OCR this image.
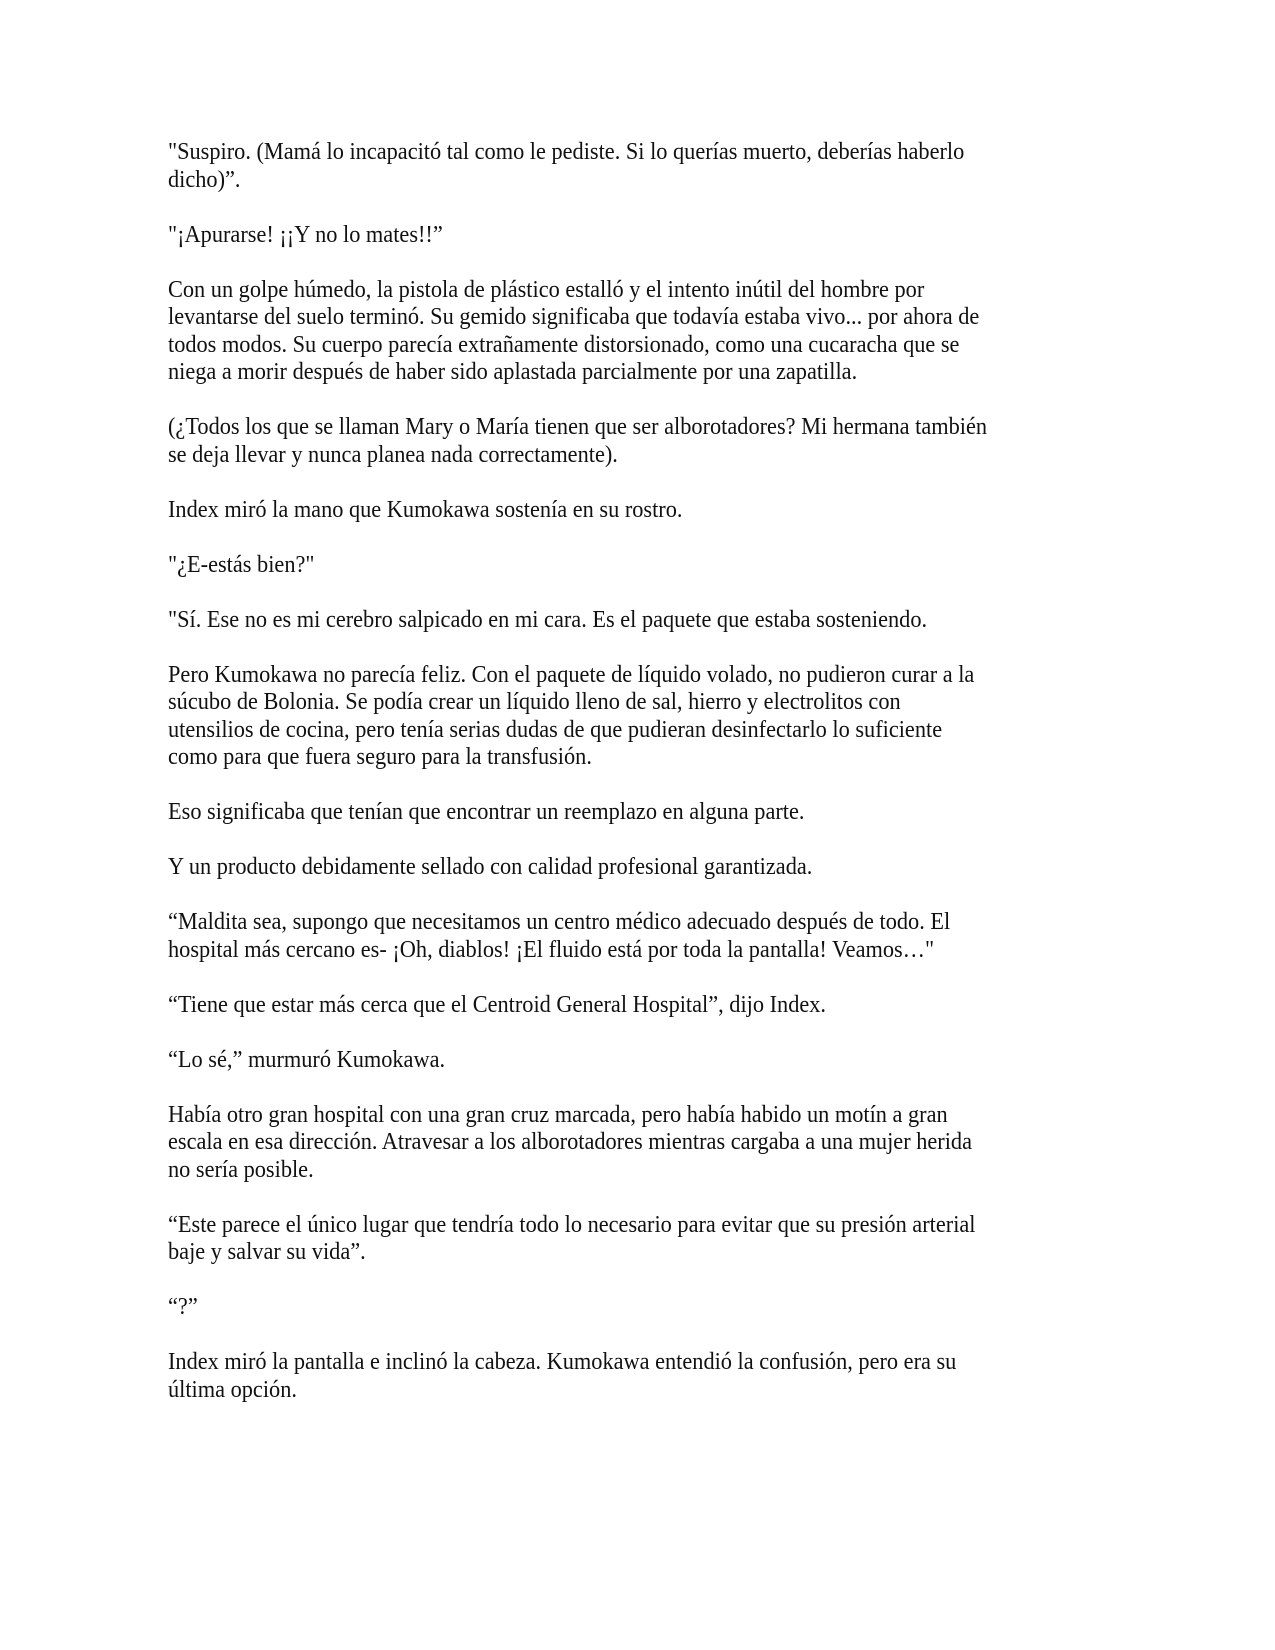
"Suspiro. (Mamá lo incapacitó tal como le pediste. Si lo querías muerto, deberías haberlo
dicho)”.
"¡Apurarse! ¡¡Y no lo mates!!”
Con un golpe húmedo, la pistola de plástico estalló y el intento inútil del hombre por
levantarse del suelo terminó. Su gemido significaba que todavía estaba vivo... por ahora de
todos modos. Su cuerpo parecía extrañamente distorsionado, como una cucaracha que se
niega a morir después de haber sido aplastada parcialmente por una zapatilla.
(¿Todos los que se llaman Mary o María tienen que ser alborotadores? Mi hermana también
se deja llevar y nunca planea nada correctamente).
Index miró la mano que Kumokawa sostenía en su rostro.
"¿E-estás bien?"
"Sí. Ese no es mi cerebro salpicado en mi cara. Es el paquete que estaba sosteniendo.
Pero Kumokawa no parecía feliz. Con el paquete de líquido volado, no pudieron curar a la
súcubo de Bolonia. Se podía crear un líquido lleno de sal, hierro y electrolitos con
utensilios de cocina, pero tenía serias dudas de que pudieran desinfectarlo lo suficiente
como para que fuera seguro para la transfusión.
Eso significaba que tenían que encontrar un reemplazo en alguna parte.
Y un producto debidamente sellado con calidad profesional garantizada.
“Maldita sea, supongo que necesitamos un centro médico adecuado después de todo. El
hospital más cercano es- ¡Oh, diablos! ¡El fluido está por toda la pantalla! Veamos…"
“Tiene que estar más cerca que el Centroid General Hospital”, dijo Index.
“Lo sé,” murmuró Kumokawa.
Había otro gran hospital con una gran cruz marcada, pero había habido un motín a gran
escala en esa dirección. Atravesar a los alborotadores mientras cargaba a una mujer herida
no sería posible.
“Este parece el único lugar que tendría todo lo necesario para evitar que su presión arterial
baje y salvar su vida”.
“?”
Index miró la pantalla e inclinó la cabeza. Kumokawa entendió la confusión, pero era su
última opción.
